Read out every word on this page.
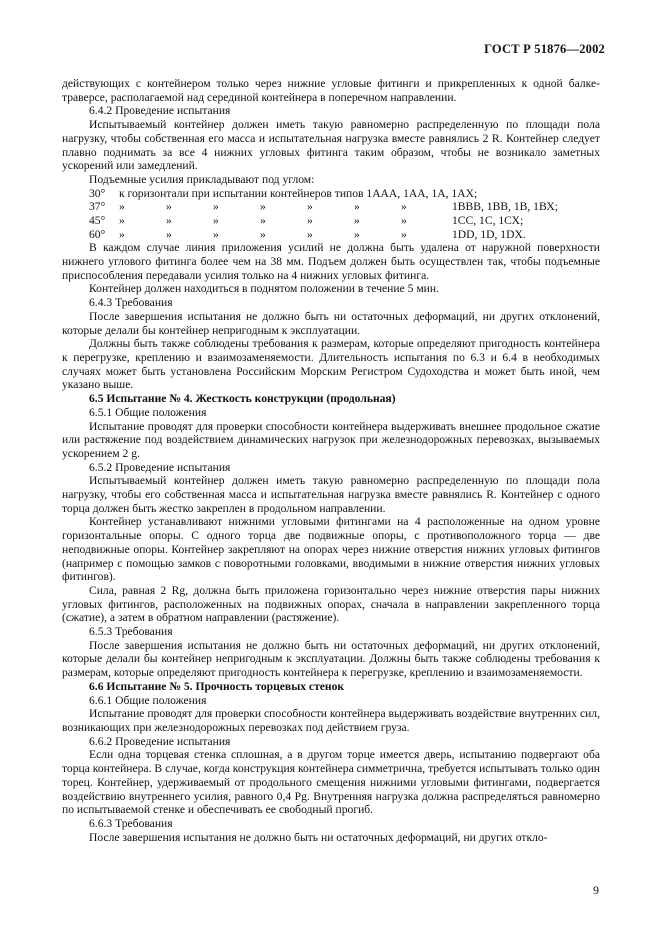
ГОСТ Р 51876—2002

действующих с контейнером только через нижние угловые фитинги и прикрепленных к одной балке-траверсе, располагаемой над серединой контейнера в поперечном направлении.

6.4.2 Проведение испытания

Испытываемый контейнер должен иметь такую равномерно распределенную по площади пола нагрузку, чтобы собственная его масса и испытательная нагрузка вместе равнялись 2 R. Контейнер следует плавно поднимать за все 4 нижних угловых фитинга таким образом, чтобы не возникало заметных ускорений или замедлений.

Подъемные усилия прикладывают под углом:

30°	к горизонтали при испытании контейнеров типов 1ААА, 1АА, 1А, 1АХ;
37°	»	»	»	»	»	»	»	1ВВВ, 1ВВ, 1В, 1ВХ;
45°	»	»	»	»	»	»	»	1СС, 1С, 1СХ;
60°	»	»	»	»	»	»	»	1DD, 1D, 1DX.

В каждом случае линия приложения усилий не должна быть удалена от наружной поверхности нижнего углового фитинга более чем на 38 мм. Подъем должен быть осуществлен так, чтобы подъемные приспособления передавали усилия только на 4 нижних угловых фитинга.

Контейнер должен находиться в поднятом положении в течение 5 мин.

6.4.3 Требования

После завершения испытания не должно быть ни остаточных деформаций, ни других отклонений, которые делали бы контейнер непригодным к эксплуатации.

Должны быть также соблюдены требования к размерам, которые определяют пригодность контейнера к перегрузке, креплению и взаимозаменяемости. Длительность испытания по 6.3 и 6.4 в необходимых случаях может быть установлена Российским Морским Регистром Судоходства и может быть иной, чем указано выше.

6.5 Испытание № 4. Жесткость конструкции (продольная)

6.5.1 Общие положения

Испытание проводят для проверки способности контейнера выдерживать внешнее продольное сжатие или растяжение под воздействием динамических нагрузок при железнодорожных перевозках, вызываемых ускорением 2 g.

6.5.2 Проведение испытания

Испытываемый контейнер должен иметь такую равномерно распределенную по площади пола нагрузку, чтобы его собственная масса и испытательная нагрузка вместе равнялись R. Контейнер с одного торца должен быть жестко закреплен в продольном направлении.

Контейнер устанавливают нижними угловыми фитингами на 4 расположенные на одном уровне горизонтальные опоры. С одного торца две подвижные опоры, с противоположного торца — две неподвижные опоры. Контейнер закрепляют на опорах через нижние отверстия нижних угловых фитингов (например с помощью замков с поворотными головками, вводимыми в нижние отверстия нижних угловых фитингов).

Сила, равная 2 Rg, должна быть приложена горизонтально через нижние отверстия пары нижних угловых фитингов, расположенных на подвижных опорах, сначала в направлении закрепленного торца (сжатие), а затем в обратном направлении (растяжение).

6.5.3 Требования

После завершения испытания не должно быть ни остаточных деформаций, ни других отклонений, которые делали бы контейнер непригодным к эксплуатации. Должны быть также соблюдены требования к размерам, которые определяют пригодность контейнера к перегрузке, креплению и взаимозаменяемости.

6.6 Испытание № 5. Прочность торцевых стенок

6.6.1 Общие положения

Испытание проводят для проверки способности контейнера выдерживать воздействие внутренних сил, возникающих при железнодорожных перевозках под действием груза.

6.6.2 Проведение испытания

Если одна торцевая стенка сплошная, а в другом торце имеется дверь, испытанию подвергают оба торца контейнера. В случае, когда конструкция контейнера симметрична, требуется испытывать только один торец. Контейнер, удерживаемый от продольного смещения нижними угловыми фитингами, подвергается воздействию внутреннего усилия, равного 0,4 Pg. Внутренняя нагрузка должна распределяться равномерно по испытываемой стенке и обеспечивать ее свободный прогиб.

6.6.3 Требования

После завершения испытания не должно быть ни остаточных деформаций, ни других откло-

9
